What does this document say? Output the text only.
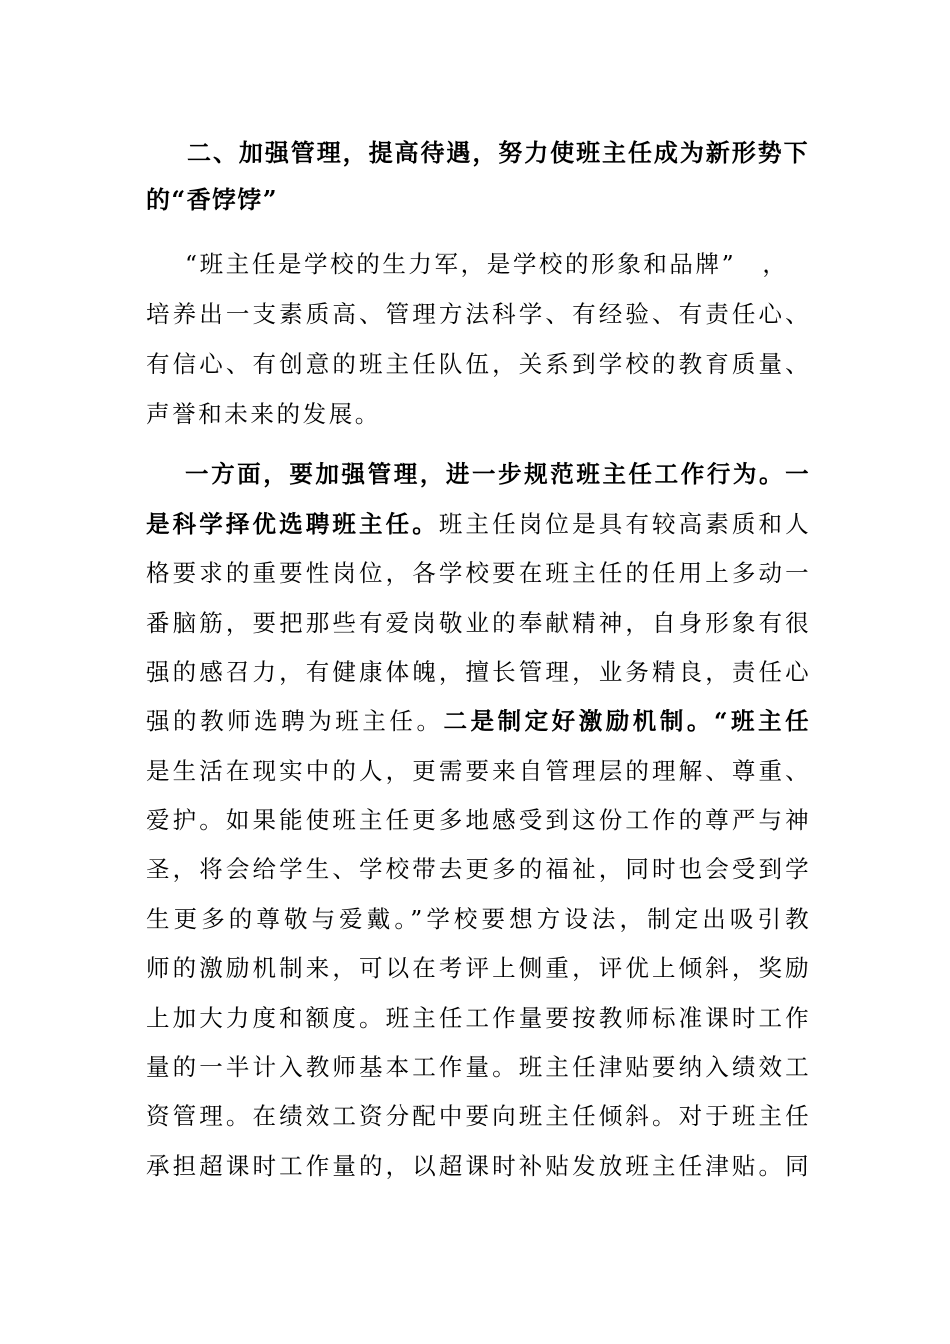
二、加强管理，提高待遇，努力使班主任成为新形势下
的“香饽饽”
“班主任是学校的生力军，是学校的形象和品牌”　，
培养出一支素质高、管理方法科学、有经验、有责任心、
有信心、有创意的班主任队伍，关系到学校的教育质量、
声誉和未来的发展。
一方面，要加强管理，进一步规范班主任工作行为。一
是科学择优选聘班主任。班主任岗位是具有较高素质和人
格要求的重要性岗位，各学校要在班主任的任用上多动一
番脑筋，要把那些有爱岗敬业的奉献精神，自身形象有很
强的感召力，有健康体魄，擅长管理，业务精良，责任心
强的教师选聘为班主任。二是制定好激励机制。“班主任
是生活在现实中的人，更需要来自管理层的理解、尊重、
爱护。如果能使班主任更多地感受到这份工作的尊严与神
圣，将会给学生、学校带去更多的福祉，同时也会受到学
生更多的尊敬与爱戴。”学校要想方设法，制定出吸引教
师的激励机制来，可以在考评上侧重，评优上倾斜，奖励
上加大力度和额度。班主任工作量要按教师标准课时工作
量的一半计入教师基本工作量。班主任津贴要纳入绩效工
资管理。在绩效工资分配中要向班主任倾斜。对于班主任
承担超课时工作量的，以超课时补贴发放班主任津贴。同
